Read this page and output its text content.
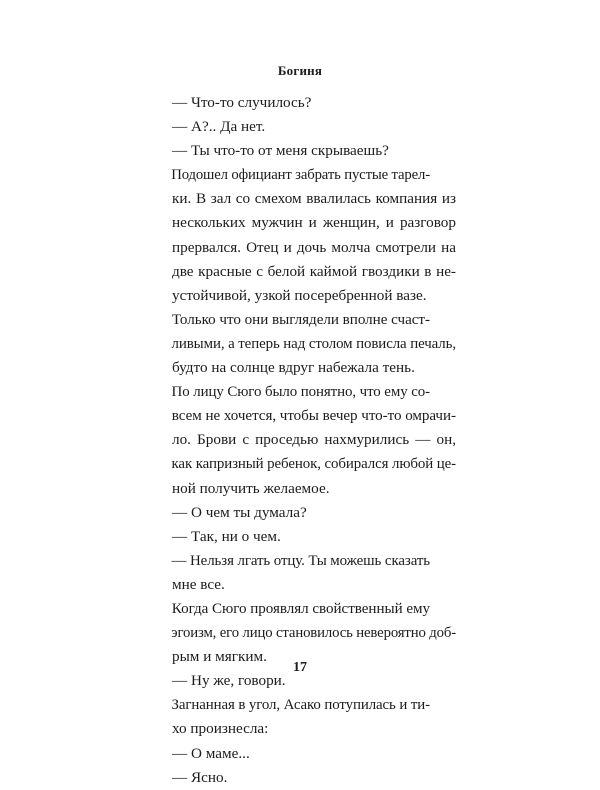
Богиня

— Что-то случилось?

— А?.. Да нет.

— Ты что-то от меня скрываешь?

Подошел официант забрать пустые тарел-
ки. В зал со смехом ввалилась компания из
нескольких мужчин и женщин, и разговор
прервался. Отец и дочь молча смотрели на
две красные с белой каймой гвоздики в не-
устойчивой, узкой посеребренной вазе.

Только что они выглядели вполне счаст-
ливыми, а теперь над столом повисла печаль,
будто на солнце вдруг набежала тень.

По лицу Сюго было понятно, что ему со-
всем не хочется, чтобы вечер что-то омрачи-
ло. Брови с проседью нахмурились — он,
как капризный ребенок, собирался любой це-
ной получить желаемое.

— О чем ты думала?

— Так, ни о чем.

— Нельзя лгать отцу. Ты можешь сказать
мне все.

Когда Сюго проявлял свойственный ему
эгоизм, его лицо становилось невероятно доб-
рым и мягким.

— Ну же, говори.

Загнанная в угол, Асако потупилась и ти-
хо произнесла:

— О маме...

— Ясно.

17
